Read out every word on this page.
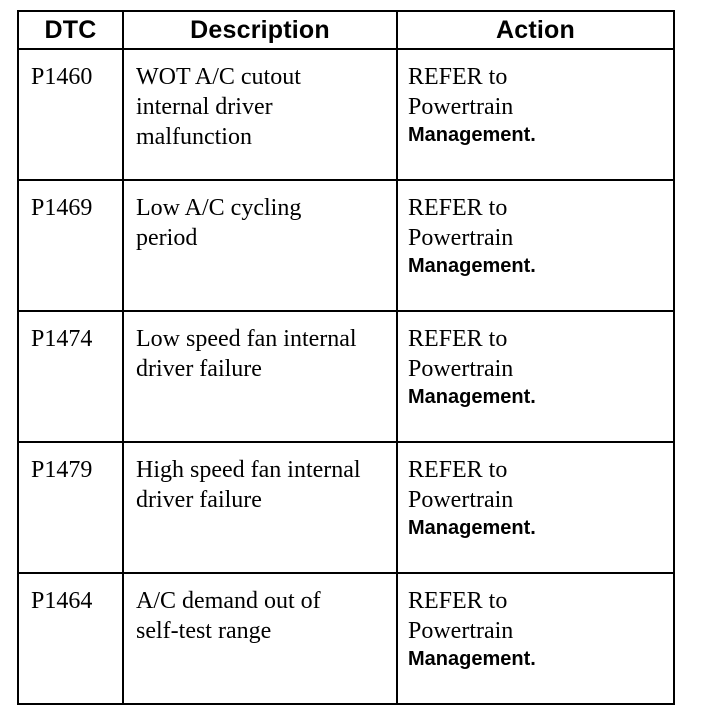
DTC	Description	Action

P1460	WOT A/C cutout
internal driver
malfunction	REFER to
Powertrain
Management.

P1469	Low A/C cycling
period	REFER to
Powertrain
Management.

P1474	Low speed fan internal
driver failure	REFER to
Powertrain
Management.

P1479	High speed fan internal
driver failure	REFER to
Powertrain
Management.

P1464	A/C demand out of
self-test range	REFER to
Powertrain
Management.
